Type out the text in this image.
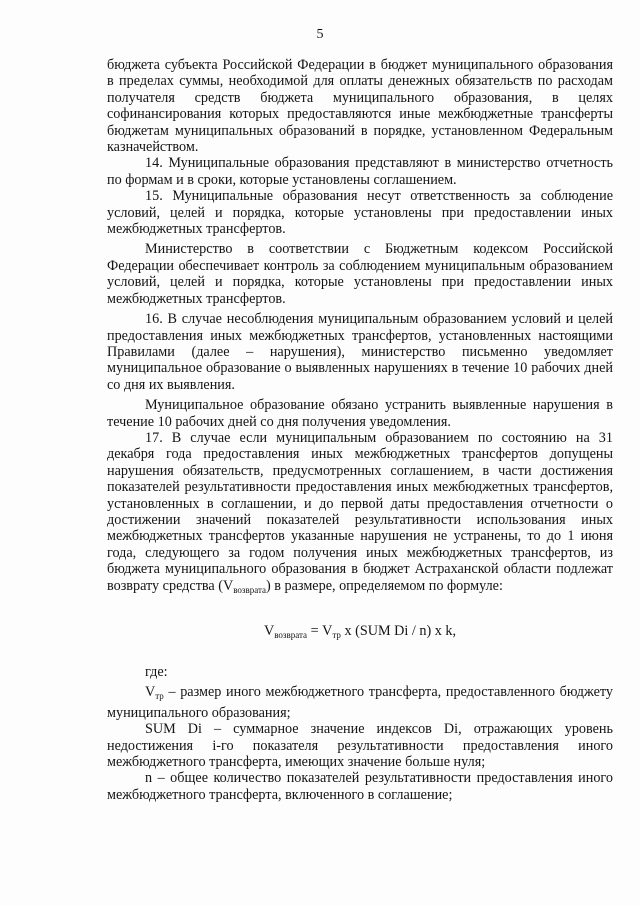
5

бюджета субъекта Российской Федерации в бюджет муниципального образования в пределах суммы, необходимой для оплаты денежных обязательств по расходам получателя средств бюджета муниципального образования, в целях софинансирования которых предоставляются иные межбюджетные трансферты бюджетам муниципальных образований в порядке, установленном Федеральным казначейством.

14. Муниципальные образования представляют в министерство отчетность по формам и в сроки, которые установлены соглашением.

15. Муниципальные образования несут ответственность за соблюдение условий, целей и порядка, которые установлены при предоставлении иных межбюджетных трансфертов.

Министерство в соответствии с Бюджетным кодексом Российской Федерации обеспечивает контроль за соблюдением муниципальным образованием условий, целей и порядка, которые установлены при предоставлении иных межбюджетных трансфертов.

16. В случае несоблюдения муниципальным образованием условий и целей предоставления иных межбюджетных трансфертов, установленных настоящими Правилами (далее – нарушения), министерство письменно уведомляет муниципальное образование о выявленных нарушениях в течение 10 рабочих дней со дня их выявления.

Муниципальное образование обязано устранить выявленные нарушения в течение 10 рабочих дней со дня получения уведомления.

17. В случае если муниципальным образованием по состоянию на 31 декабря года предоставления иных межбюджетных трансфертов допущены нарушения обязательств, предусмотренных соглашением, в части достижения показателей результативности предоставления иных межбюджетных трансфертов, установленных в соглашении, и до первой даты предоставления отчетности о достижении значений показателей результативности использования иных межбюджетных трансфертов указанные нарушения не устранены, то до 1 июня года, следующего за годом получения иных межбюджетных трансфертов, из бюджета муниципального образования в бюджет Астраханской области подлежат возврату средства $(V_{возврата})$ в размере, определяемом по формуле:

$V_{возврата} = V_{тр}$ x (SUM Di / n) x k,

где:

$V_{тр}$ – размер иного межбюджетного трансферта, предоставленного бюджету муниципального образования;

SUM Di – суммарное значение индексов Di, отражающих уровень недостижения i-го показателя результативности предоставления иного межбюджетного трансферта, имеющих значение больше нуля;

n – общее количество показателей результативности предоставления иного межбюджетного трансферта, включенного в соглашение;
